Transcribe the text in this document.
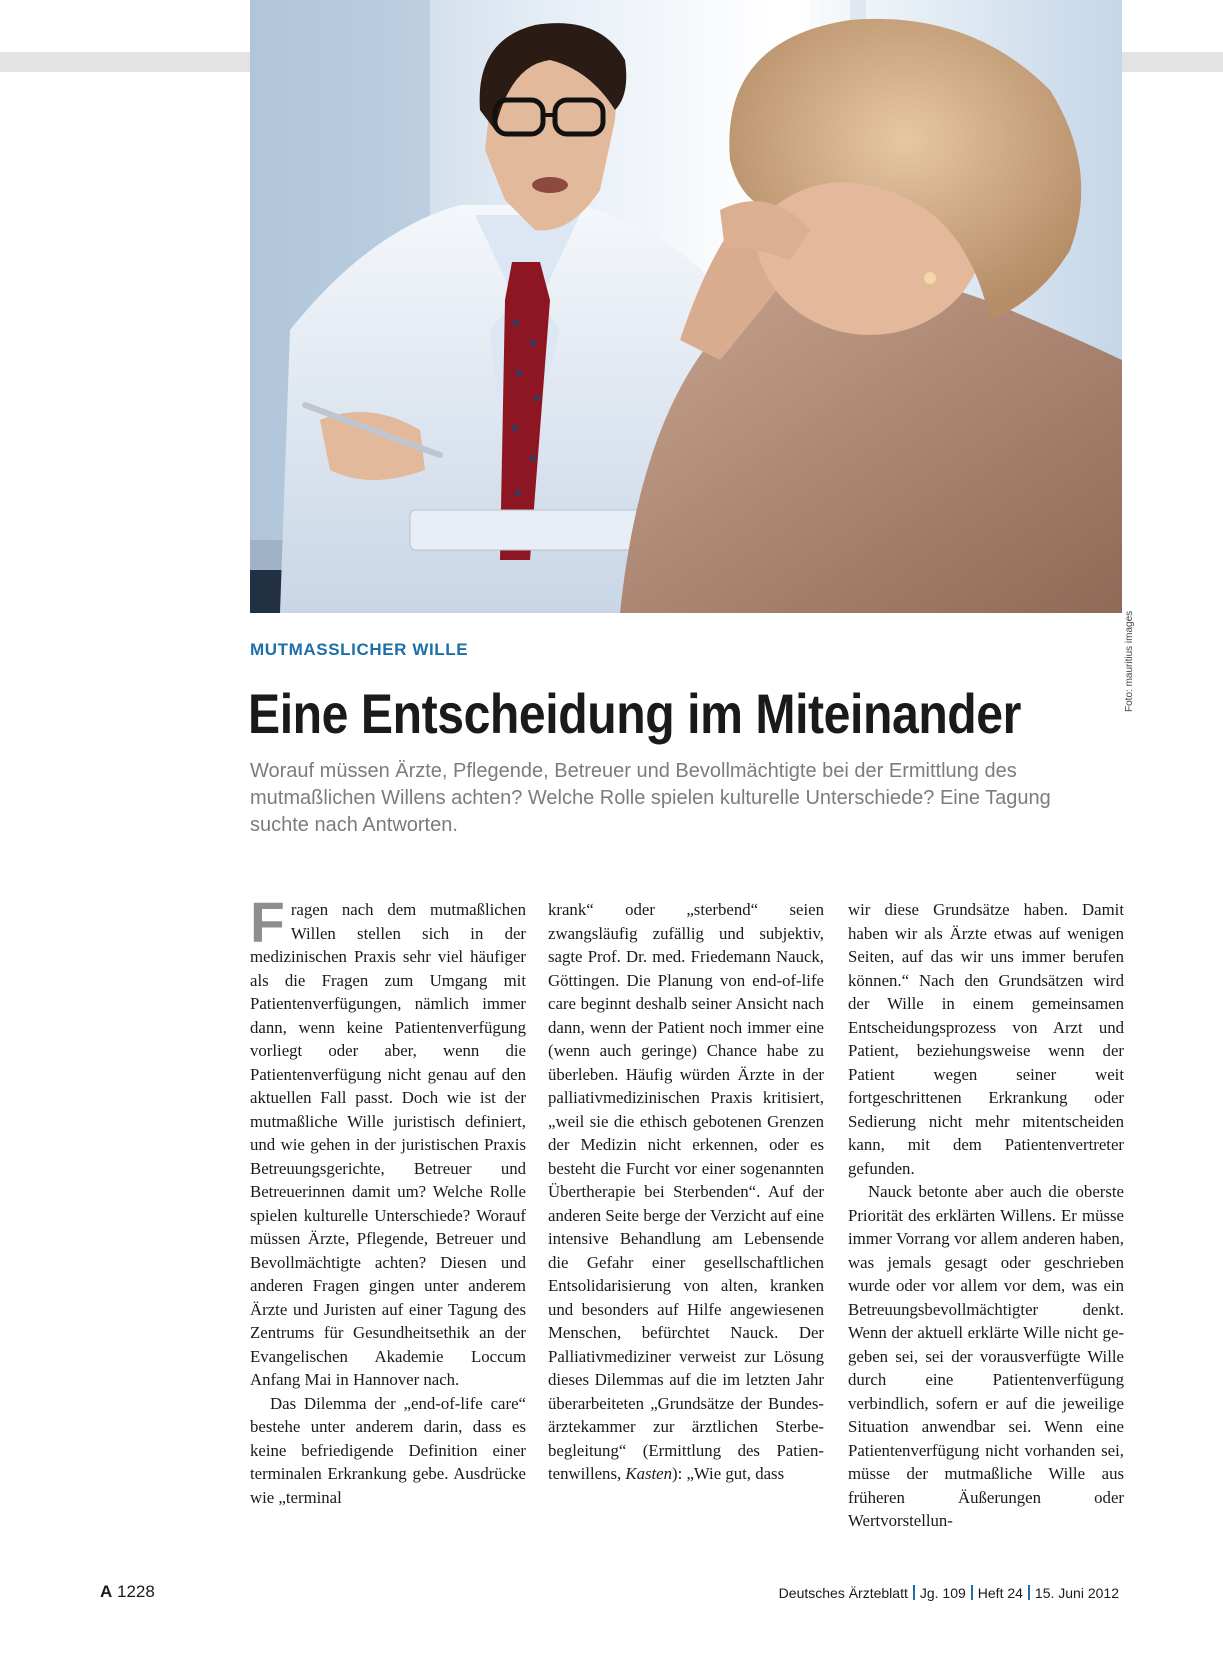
Foto: mauritius images
MUTMASSLICHER WILLE
Eine Entscheidung im Miteinander
Worauf müssen Ärzte, Pflegende, Betreuer und Bevollmächtigte bei der Ermittlung des mutmaßlichen Willens achten? Welche Rolle spielen kulturelle Unterschiede? Eine Tagung suchte nach Antworten.

Fragen nach dem mutmaßlichen Willen stellen sich in der medizinischen Praxis sehr viel häufiger als die Fragen zum Umgang mit Patientenverfügungen, nämlich immer dann, wenn keine Patientenverfügung vorliegt oder aber, wenn die Patientenverfügung nicht genau auf den aktuellen Fall passt. Doch wie ist der mutmaßliche Wille juristisch definiert, und wie gehen in der juristischen Praxis Betreuungsgerichte, Betreuer und Betreuerinnen damit um? Welche Rolle spielen kulturelle Unterschiede? Worauf müssen Ärzte, Pflegende, Betreuer und Bevollmächtigte achten? Diesen und anderen Fragen gingen unter anderem Ärzte und Juristen auf einer Tagung des Zentrums für Gesundheitsethik an der Evangelischen Akademie Loccum Anfang Mai in Hannover nach.

Das Dilemma der „end-of-life care“ bestehe unter anderem darin, dass es keine befriedigende Definition einer terminalen Erkrankung gebe. Ausdrücke wie „terminal

krank“ oder „sterbend“ seien zwangsläufig zufällig und subjektiv, sagte Prof. Dr. med. Friedemann Nauck, Göttingen. Die Planung von end-of-life care beginnt deshalb seiner Ansicht nach dann, wenn der Patient noch immer eine (wenn auch geringe) Chance habe zu überleben. Häufig würden Ärzte in der palliativmedizinischen Praxis kritisiert, „weil sie die ethisch gebotenen Grenzen der Medizin nicht erkennen, oder es besteht die Furcht vor einer sogenannten Übertherapie bei Sterbenden“. Auf der anderen Seite berge der Verzicht auf eine intensive Behandlung am Lebensende die Gefahr einer gesellschaftlichen Entsolidarisierung von alten, kranken und besonders auf Hilfe angewiesenen Menschen, befürchtet Nauck. Der Palliativmediziner verweist zur Lösung dieses Dilemmas auf die im letzten Jahr überarbeiteten „Grundsätze der Bundesärztekammer zur ärztlichen Sterbebegleitung“ (Ermittlung des Patientenwillens, Kasten): „Wie gut, dass

wir diese Grundsätze haben. Damit haben wir als Ärzte etwas auf wenigen Seiten, auf das wir uns immer berufen können.“ Nach den Grundsätzen wird der Wille in einem gemeinsamen Entscheidungsprozess von Arzt und Patient, beziehungsweise wenn der Patient wegen seiner weit fortgeschrittenen Erkrankung oder Sedierung nicht mehr mitentscheiden kann, mit dem Patientenvertreter gefunden.

Nauck betonte aber auch die oberste Priorität des erklärten Willens. Er müsse immer Vorrang vor allem anderen haben, was jemals gesagt oder geschrieben wurde oder vor allem vor dem, was ein Betreuungsbevollmächtigter denkt. Wenn der aktuell erklärte Wille nicht gegeben sei, sei der vorausverfügte Wille durch eine Patientenverfügung verbindlich, sofern er auf die jeweilige Situation anwendbar sei. Wenn eine Patientenverfügung nicht vorhanden sei, müsse der mutmaßliche Wille aus früheren Äußerungen oder Wertvorstellun-

A 1228	Deutsches Ärzteblatt Jg. 109 Heft 24 15. Juni 2012
